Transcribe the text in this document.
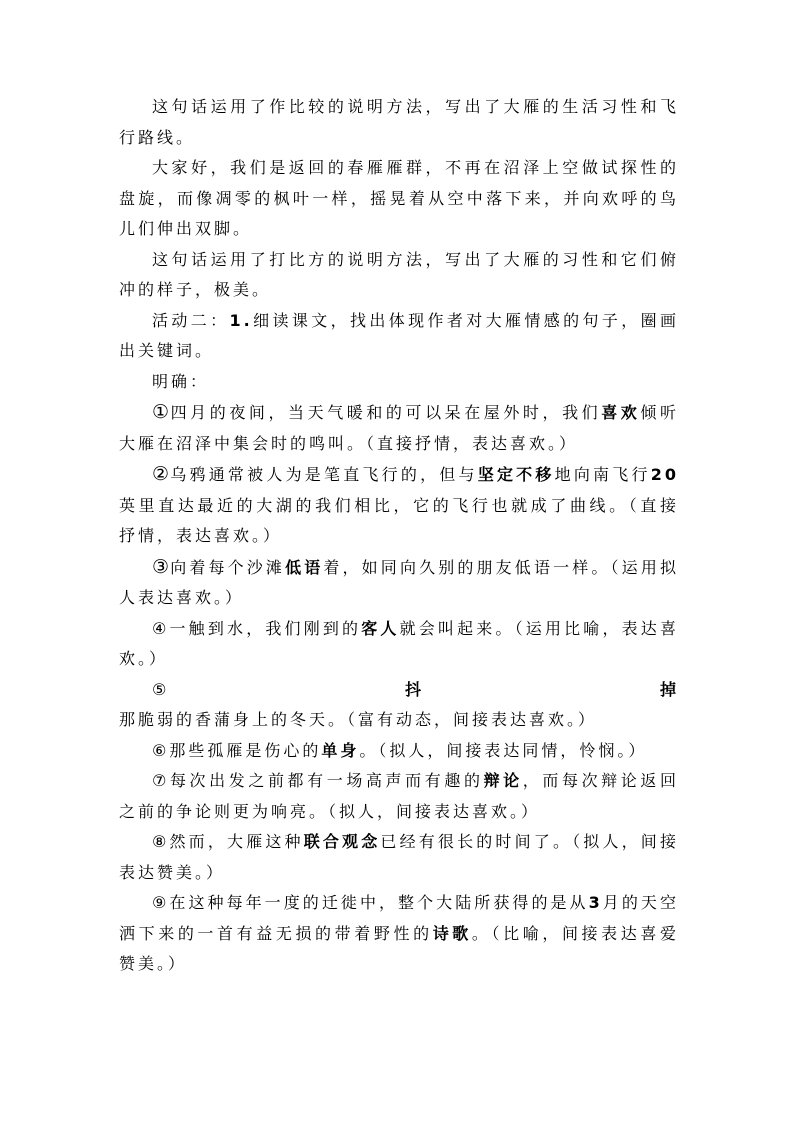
这句话运用了作比较的说明方法，写出了大雁的生活习性和飞行路线。

大家好，我们是返回的春雁雁群，不再在沼泽上空做试探性的盘旋，而像凋零的枫叶一样，摇晃着从空中落下来，并向欢呼的鸟儿们伸出双脚。

这句话运用了打比方的说明方法，写出了大雁的习性和它们俯冲的样子，极美。

活动二：1.细读课文，找出体现作者对大雁情感的句子，圈画出关键词。

明确：

①四月的夜间，当天气暖和的可以呆在屋外时，我们喜欢倾听大雁在沼泽中集会时的鸣叫。（直接抒情，表达喜欢。）

②乌鸦通常被人为是笔直飞行的，但与坚定不移地向南飞行20英里直达最近的大湖的我们相比，它的飞行也就成了曲线。（直接抒情，表达喜欢。）

③向着每个沙滩低语着，如同向久别的朋友低语一样。（运用拟人表达喜欢。）

④一触到水，我们刚到的客人就会叫起来。（运用比喻，表达喜欢。）

⑤抖掉那脆弱的香蒲身上的冬天。（富有动态，间接表达喜欢。）

⑥那些孤雁是伤心的单身。（拟人，间接表达同情，怜悯。）

⑦每次出发之前都有一场高声而有趣的辩论，而每次辩论返回之前的争论则更为响亮。（拟人，间接表达喜欢。）

⑧然而，大雁这种联合观念已经有很长的时间了。（拟人，间接表达赞美。）

⑨在这种每年一度的迁徙中，整个大陆所获得的是从3月的天空洒下来的一首有益无损的带着野性的诗歌。（比喻，间接表达喜爱赞美。）
